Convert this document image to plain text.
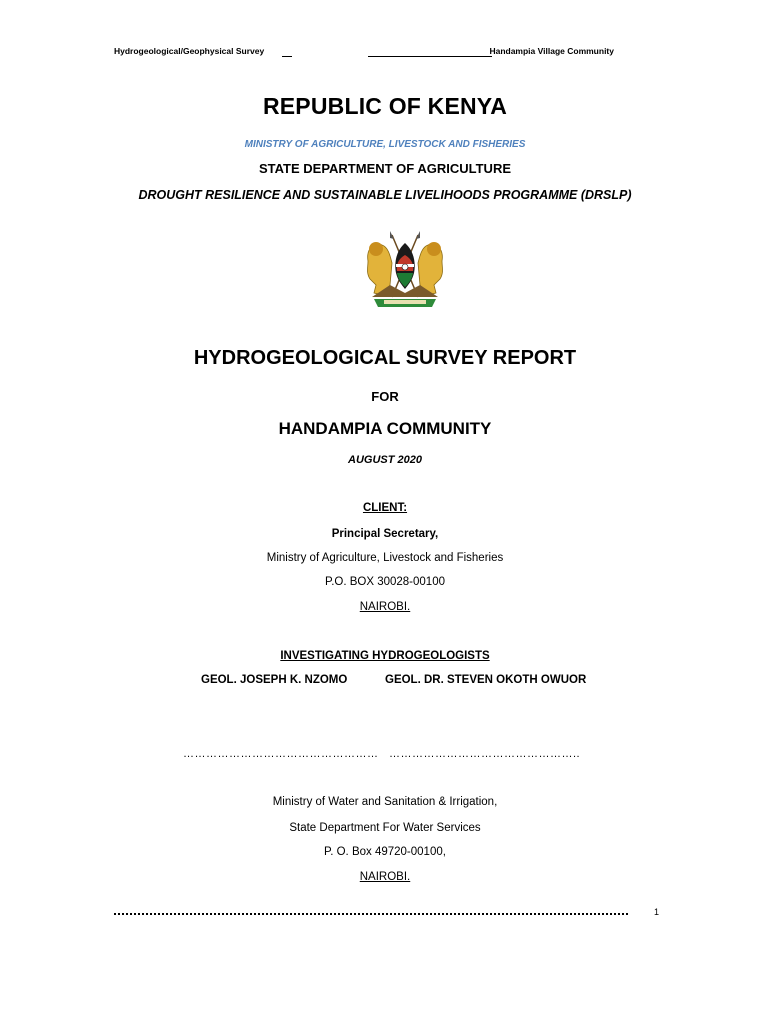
Hydrogeological/Geophysical Survey	Handampia Village Community
REPUBLIC OF KENYA
MINISTRY OF AGRICULTURE, LIVESTOCK AND FISHERIES
STATE DEPARTMENT OF AGRICULTURE
DROUGHT RESILIENCE AND SUSTAINABLE LIVELIHOODS PROGRAMME (DRSLP)
HYDROGEOLOGICAL SURVEY REPORT
FOR
HANDAMPIA COMMUNITY
AUGUST 2020
CLIENT:
Principal Secretary,
Ministry of Agriculture, Livestock and Fisheries
P.O. BOX 30028-00100
NAIROBI.
INVESTIGATING HYDROGEOLOGISTS
GEOL. JOSEPH K. NZOMO	GEOL. DR. STEVEN OKOTH OWUOR
…………………………………………… …………………………………………..
Ministry of Water and Sanitation & Irrigation,
State Department For Water Services
P. O. Box 49720-00100,
NAIROBI.
1
